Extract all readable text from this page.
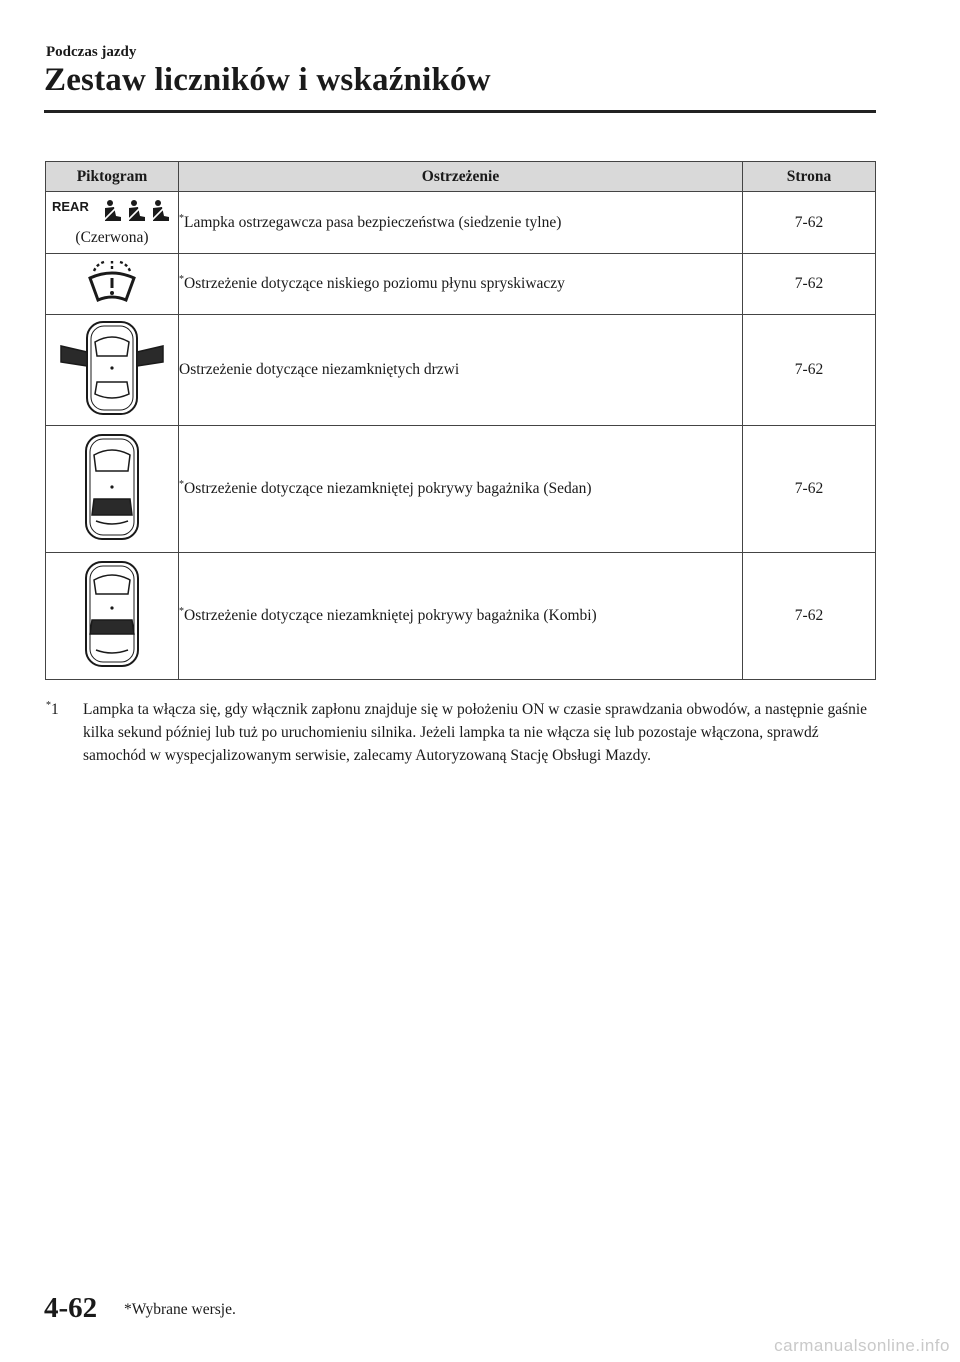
Podczas jazdy
Zestaw liczników i wskaźników
Piktogram	Ostrzeżenie	Strona

$^{REAR}$
(Czerwona)	*Lampka ostrzegawcza pasa bezpieczeństwa (siedzenie tylne)	7-62
	*Ostrzeżenie dotyczące niskiego poziomu płynu spryskiwaczy	7-62
	Ostrzeżenie dotyczące niezamkniętych drzwi	7-62
	*Ostrzeżenie dotyczące niezamkniętej pokrywy bagażnika (Sedan)	7-62
	*Ostrzeżenie dotyczące niezamkniętej pokrywy bagażnika (Kombi)	7-62
*1	Lampka ta włącza się, gdy włącznik zapłonu znajduje się w położeniu ON w czasie sprawdzania obwodów, a następnie gaśnie kilka sekund później lub tuż po uruchomieniu silnika. Jeżeli lampka ta nie włącza się lub pozostaje włączona, sprawdź samochód w wyspecjalizowanym serwisie, zalecamy Autoryzowaną Stację Obsługi Mazdy.
4-62 *Wybrane wersje.
carmanualsonline.info
